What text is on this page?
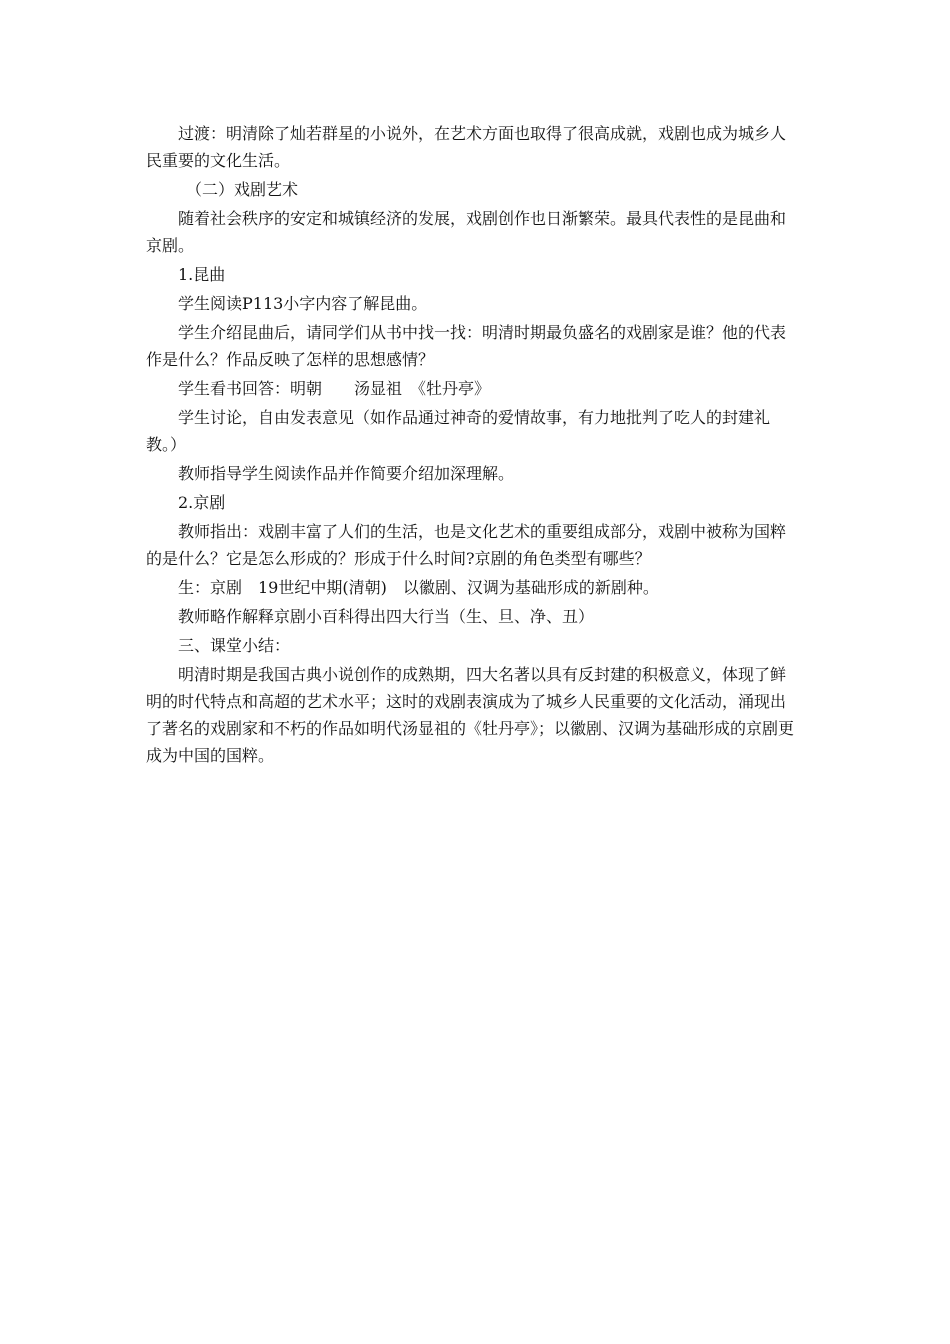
过渡：明清除了灿若群星的小说外，在艺术方面也取得了很高成就，戏剧也成为城乡人民重要的文化生活。

（二）戏剧艺术

随着社会秩序的安定和城镇经济的发展，戏剧创作也日渐繁荣。最具代表性的是昆曲和京剧。

1.昆曲

学生阅读P113小字内容了解昆曲。

学生介绍昆曲后，请同学们从书中找一找：明清时期最负盛名的戏剧家是谁？他的代表作是什么？作品反映了怎样的思想感情？

学生看书回答：明朝　　汤显祖　《牡丹亭》

学生讨论，自由发表意见（如作品通过神奇的爱情故事，有力地批判了吃人的封建礼教。）

教师指导学生阅读作品并作简要介绍加深理解。

2.京剧

教师指出：戏剧丰富了人们的生活，也是文化艺术的重要组成部分，戏剧中被称为国粹的是什么？它是怎么形成的？形成于什么时间?京剧的角色类型有哪些？

生：京剧　19世纪中期(清朝)　以徽剧、汉调为基础形成的新剧种。

教师略作解释京剧小百科得出四大行当（生、旦、净、丑）

三、课堂小结：

明清时期是我国古典小说创作的成熟期，四大名著以具有反封建的积极意义，体现了鲜明的时代特点和高超的艺术水平；这时的戏剧表演成为了城乡人民重要的文化活动，涌现出了著名的戏剧家和不朽的作品如明代汤显祖的《牡丹亭》；以徽剧、汉调为基础形成的京剧更成为中国的国粹。
